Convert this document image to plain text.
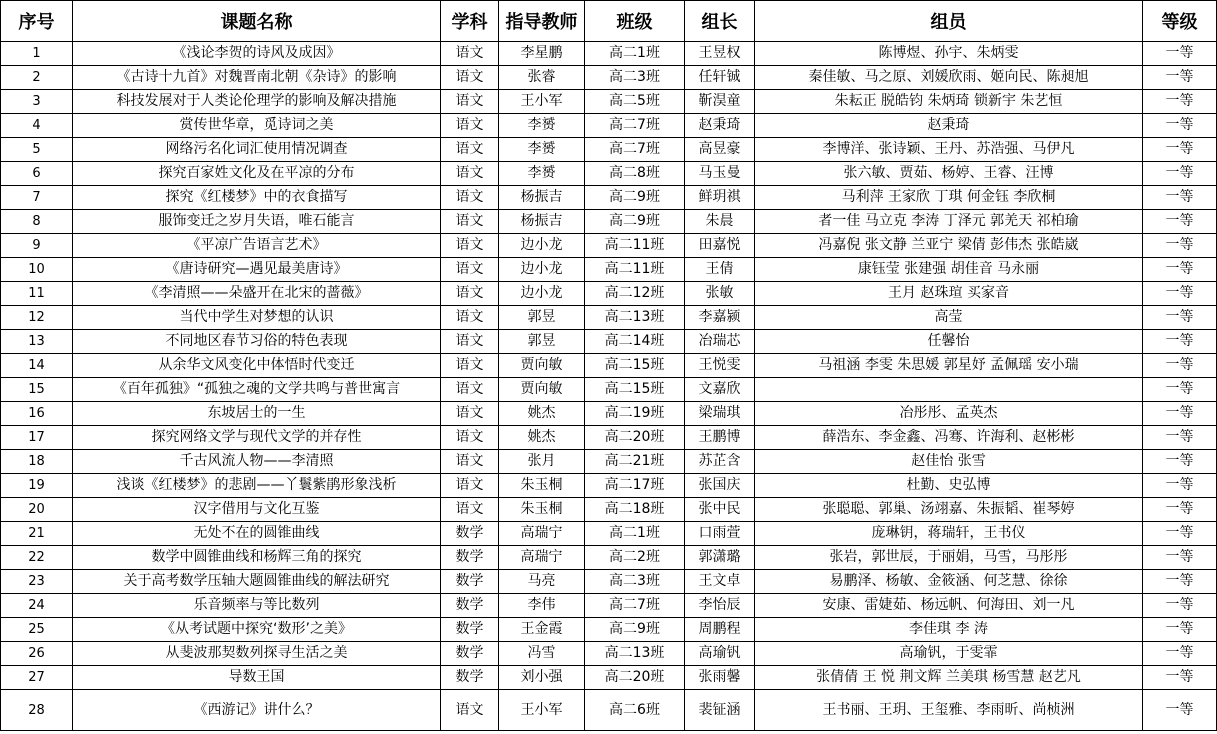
序号	课题名称	学科	指导教师	班级	组长	组员	等级
1	《浅论李贺的诗风及成因》	语文	李星鹏	高二1班	王昱权	陈博煜、孙宇、朱炳雯	一等
2	《古诗十九首》对魏晋南北朝《杂诗》的影响	语文	张睿	高二3班	任轩铖	秦佳敏、马之原、刘媛欣雨、姬向民、陈昶旭	一等
3	科技发展对于人类论伦理学的影响及解决措施	语文	王小军	高二5班	靳淏童	朱耘正 脱皓钧 朱炳琦 锁新宇 朱艺恒	一等
4	赏传世华章，觅诗词之美	语文	李赟	高二7班	赵秉琦	赵秉琦	一等
5	网络污名化词汇使用情况调查	语文	李赟	高二7班	高昱豪	李博洋、张诗颖、王丹、苏浩强、马伊凡	一等
6	探究百家姓文化及在平凉的分布	语文	李赟	高二8班	马玉曼	张六敏、贾茹、杨婷、王睿、汪博	一等
7	探究《红楼梦》中的衣食描写	语文	杨振吉	高二9班	鲜玥祺	马利萍 王家欣 丁琪 何金钰 李欣桐	一等
8	服饰变迁之岁月失语，唯石能言	语文	杨振吉	高二9班	朱晨	者一佳 马立克 李涛 丁泽元 郭羌天 祁柏瑜	一等
9	《平凉广告语言艺术》	语文	边小龙	高二11班	田嘉悦	冯嘉倪 张文静 兰亚宁 梁倩 彭伟杰 张皓崴	一等
10	《唐诗研究—遇见最美唐诗》	语文	边小龙	高二11班	王倩	康钰莹 张建强 胡佳音 马永丽	一等
11	《李清照——朵盛开在北宋的蔷薇》	语文	边小龙	高二12班	张敏	王月 赵珠瑄 买家音	一等
12	当代中学生对梦想的认识	语文	郭昱	高二13班	李嘉颍	高莹	一等
13	不同地区春节习俗的特色表现	语文	郭昱	高二14班	冶瑞芯	任馨怡	一等
14	从余华文风变化中体悟时代变迁	语文	贾向敏	高二15班	王悦雯	马祖涵 李雯 朱思媛 郭星妤 孟佩瑶 安小瑞	一等
15	《百年孤独》“孤独之魂的文学共鸣与普世寓言	语文	贾向敏	高二15班	文嘉欣		一等
16	东坡居士的一生	语文	姚杰	高二19班	梁瑞琪	冶彤彤、孟英杰	一等
17	探究网络文学与现代文学的并存性	语文	姚杰	高二20班	王鹏博	薛浩东、李金鑫、冯骞、许海利、赵彬彬	一等
18	千古风流人物——李清照	语文	张月	高二21班	苏芷含	赵佳怡 张雪	一等
19	浅谈《红楼梦》的悲剧——丫鬟紫鹃形象浅析	语文	朱玉桐	高二17班	张国庆	杜勤、史弘博	一等
20	汉字借用与文化互鉴	语文	朱玉桐	高二18班	张中民	张聪聪、郭巢、汤翊嘉、朱振韬、崔琴婷	一等
21	无处不在的圆锥曲线	数学	高瑞宁	高二1班	口雨萱	庞琳钥，蒋瑞轩，王书仪	一等
22	数学中圆锥曲线和杨辉三角的探究	数学	高瑞宁	高二2班	郭潇璐	张岩，郭世辰，于丽娟，马雪，马彤彤	一等
23	关于高考数学压轴大题圆锥曲线的解法研究	数学	马亮	高二3班	王文卓	易鹏泽、杨敏、金筱涵、何芝慧、徐徐	一等
24	乐音频率与等比数列	数学	李伟	高二7班	李怡辰	安康、雷婕茹、杨远帆、何海田、刘一凡	一等
25	《从考试题中探究‘数形’之美》	数学	王金霞	高二9班	周鹏程	李佳琪 李 涛	一等
26	从斐波那契数列探寻生活之美	数学	冯雪	高二13班	高瑜钒	高瑜钒，于雯霏	一等
27	导数王国	数学	刘小强	高二20班	张雨馨	张倩倩 王 悦 荆文辉 兰美琪 杨雪慧 赵艺凡	一等
28	《西游记》讲什么？	语文	王小军	高二6班	裴钲涵	王书丽、王玥、王玺雅、李雨昕、尚桢洲	一等
